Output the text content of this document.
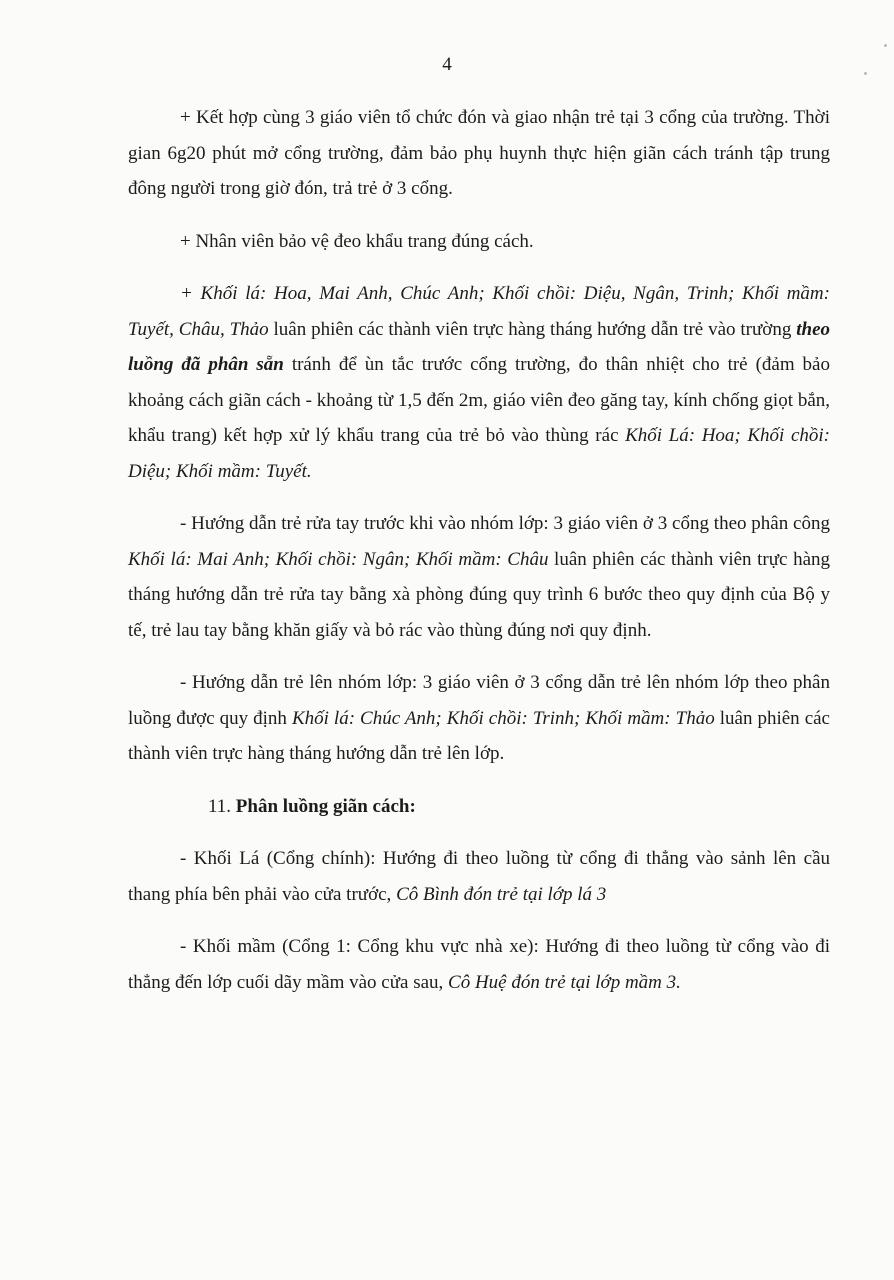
4

+ Kết hợp cùng 3 giáo viên tổ chức đón và giao nhận trẻ tại 3 cổng của trường. Thời gian 6g20 phút mở cổng trường, đảm bảo phụ huynh thực hiện giãn cách tránh tập trung đông người trong giờ đón, trả trẻ ở 3 cổng.

+ Nhân viên bảo vệ đeo khẩu trang đúng cách.

+ Khối lá: Hoa, Mai Anh, Chúc Anh; Khối chồi: Diệu, Ngân, Trinh; Khối mầm: Tuyết, Châu, Thảo luân phiên các thành viên trực hàng tháng hướng dẫn trẻ vào trường theo luồng đã phân sẵn tránh để ùn tắc trước cổng trường, đo thân nhiệt cho trẻ (đảm bảo khoảng cách giãn cách - khoảng từ 1,5 đến 2m, giáo viên đeo găng tay, kính chống giọt bắn, khẩu trang) kết hợp xử lý khẩu trang của trẻ bỏ vào thùng rác Khối Lá: Hoa; Khối chồi: Diệu; Khối mầm: Tuyết.

- Hướng dẫn trẻ rửa tay trước khi vào nhóm lớp: 3 giáo viên ở 3 cổng theo phân công Khối lá: Mai Anh; Khối chồi: Ngân; Khối mầm: Châu luân phiên các thành viên trực hàng tháng hướng dẫn trẻ rửa tay bằng xà phòng đúng quy trình 6 bước theo quy định của Bộ y tế, trẻ lau tay bằng khăn giấy và bỏ rác vào thùng đúng nơi quy định.

- Hướng dẫn trẻ lên nhóm lớp: 3 giáo viên ở 3 cổng dẫn trẻ lên nhóm lớp theo phân luồng được quy định Khối lá: Chúc Anh; Khối chồi: Trinh; Khối mầm: Thảo luân phiên các thành viên trực hàng tháng hướng dẫn trẻ lên lớp.

11. Phân luồng giãn cách:

- Khối Lá (Cổng chính): Hướng đi theo luồng từ cổng đi thẳng vào sảnh lên cầu thang phía bên phải vào cửa trước, Cô Bình đón trẻ tại lớp lá 3

- Khối mầm (Cổng 1: Cổng khu vực nhà xe): Hướng đi theo luồng từ cổng vào đi thẳng đến lớp cuối dãy mầm vào cửa sau, Cô Huệ đón trẻ tại lớp mầm 3.
